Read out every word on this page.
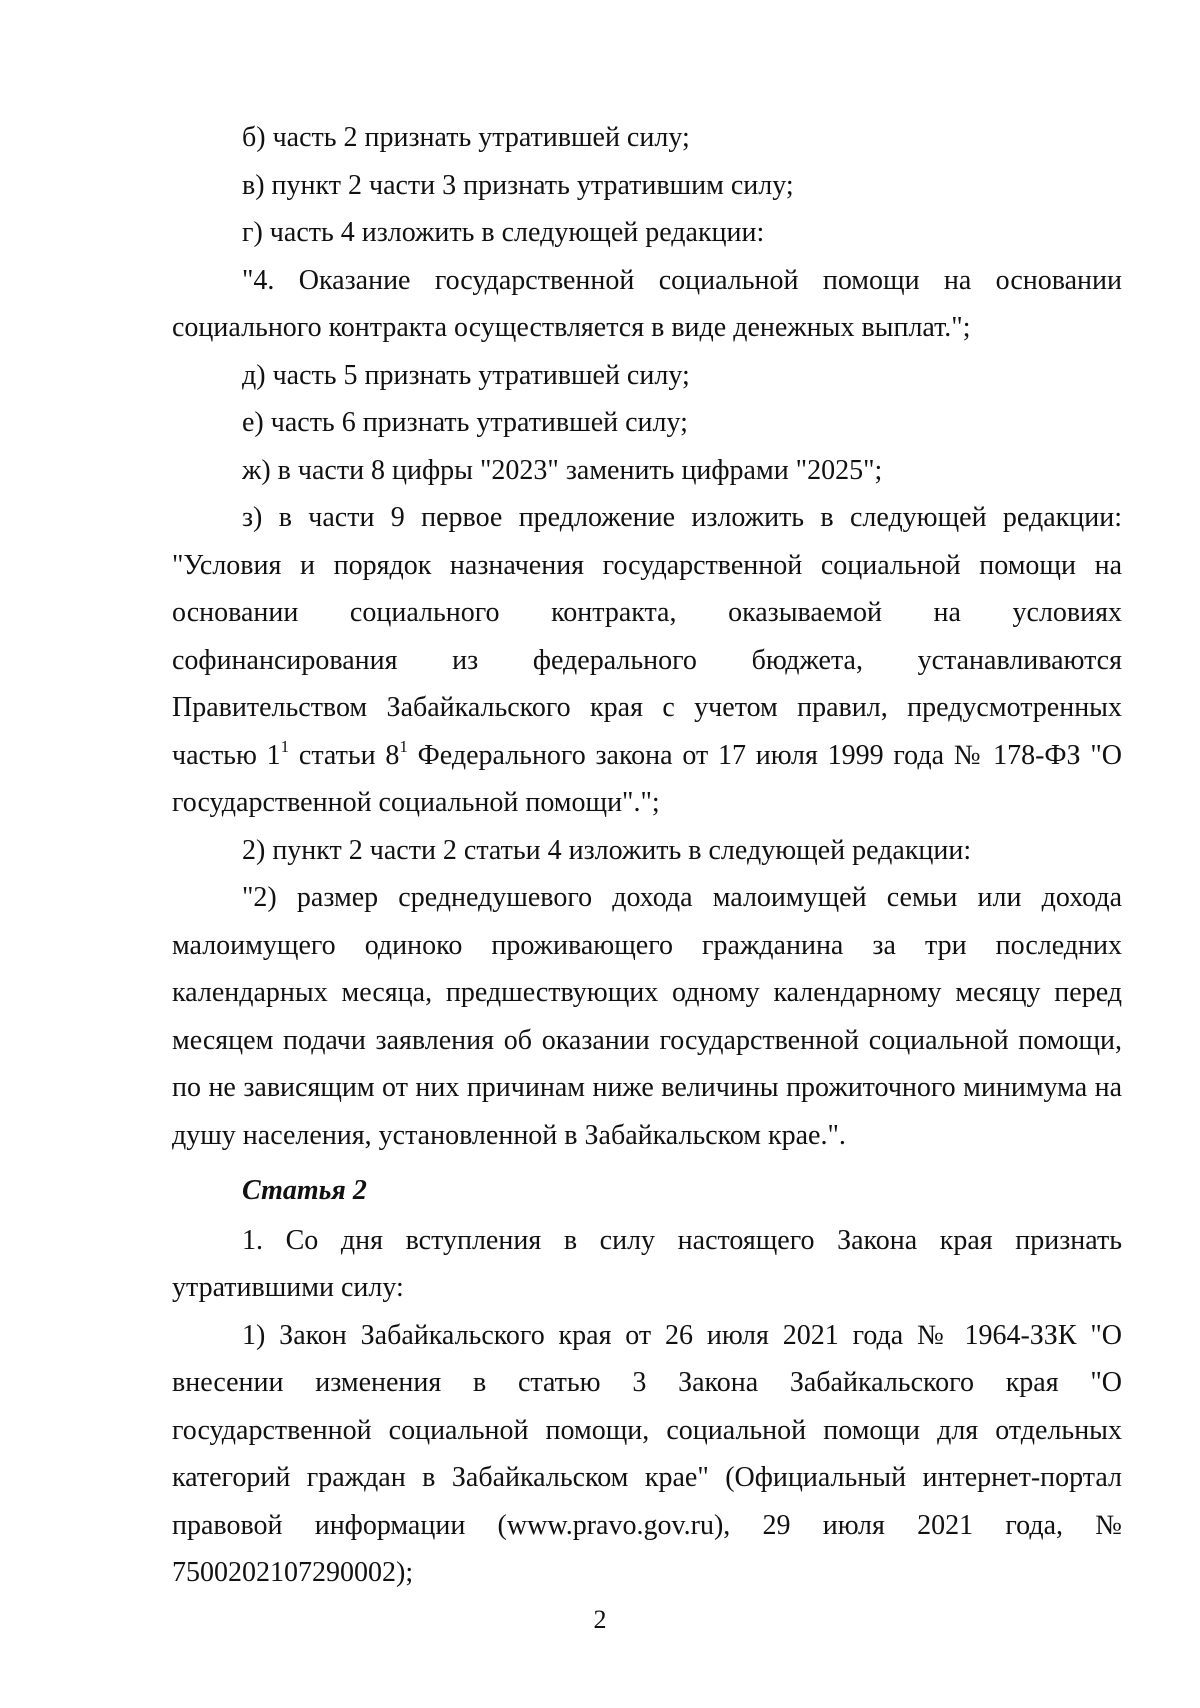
б) часть 2 признать утратившей силу;

в) пункт 2 части 3 признать утратившим силу;

г) часть 4 изложить в следующей редакции:

"4. Оказание государственной социальной помощи на основании социального контракта осуществляется в виде денежных выплат.";

д) часть 5 признать утратившей силу;

е) часть 6 признать утратившей силу;

ж) в части 8 цифры "2023" заменить цифрами "2025";

з) в части 9 первое предложение изложить в следующей редакции: "Условия и порядок назначения государственной социальной помощи на основании социального контракта, оказываемой на условиях софинансирования из федерального бюджета, устанавливаются Правительством Забайкальского края с учетом правил, предусмотренных частью $1^1$ статьи $8^1$ Федерального закона от 17 июля 1999 года № 178-ФЗ "О государственной социальной помощи".";

2) пункт 2 части 2 статьи 4 изложить в следующей редакции:

"2) размер среднедушевого дохода малоимущей семьи или дохода малоимущего одиноко проживающего гражданина за три последних календарных месяца, предшествующих одному календарному месяцу перед месяцем подачи заявления об оказании государственной социальной помощи, по не зависящим от них причинам ниже величины прожиточного минимума на душу населения, установленной в Забайкальском крае.".

Статья 2

1. Со дня вступления в силу настоящего Закона края признать утратившими силу:

1) Закон Забайкальского края от 26 июля 2021 года № 1964-ЗЗК "О внесении изменения в статью 3 Закона Забайкальского края "О государственной социальной помощи, социальной помощи для отдельных категорий граждан в Забайкальском крае" (Официальный интернет-портал правовой информации (www.pravo.gov.ru), 29 июля 2021 года, № 7500202107290002);

2
